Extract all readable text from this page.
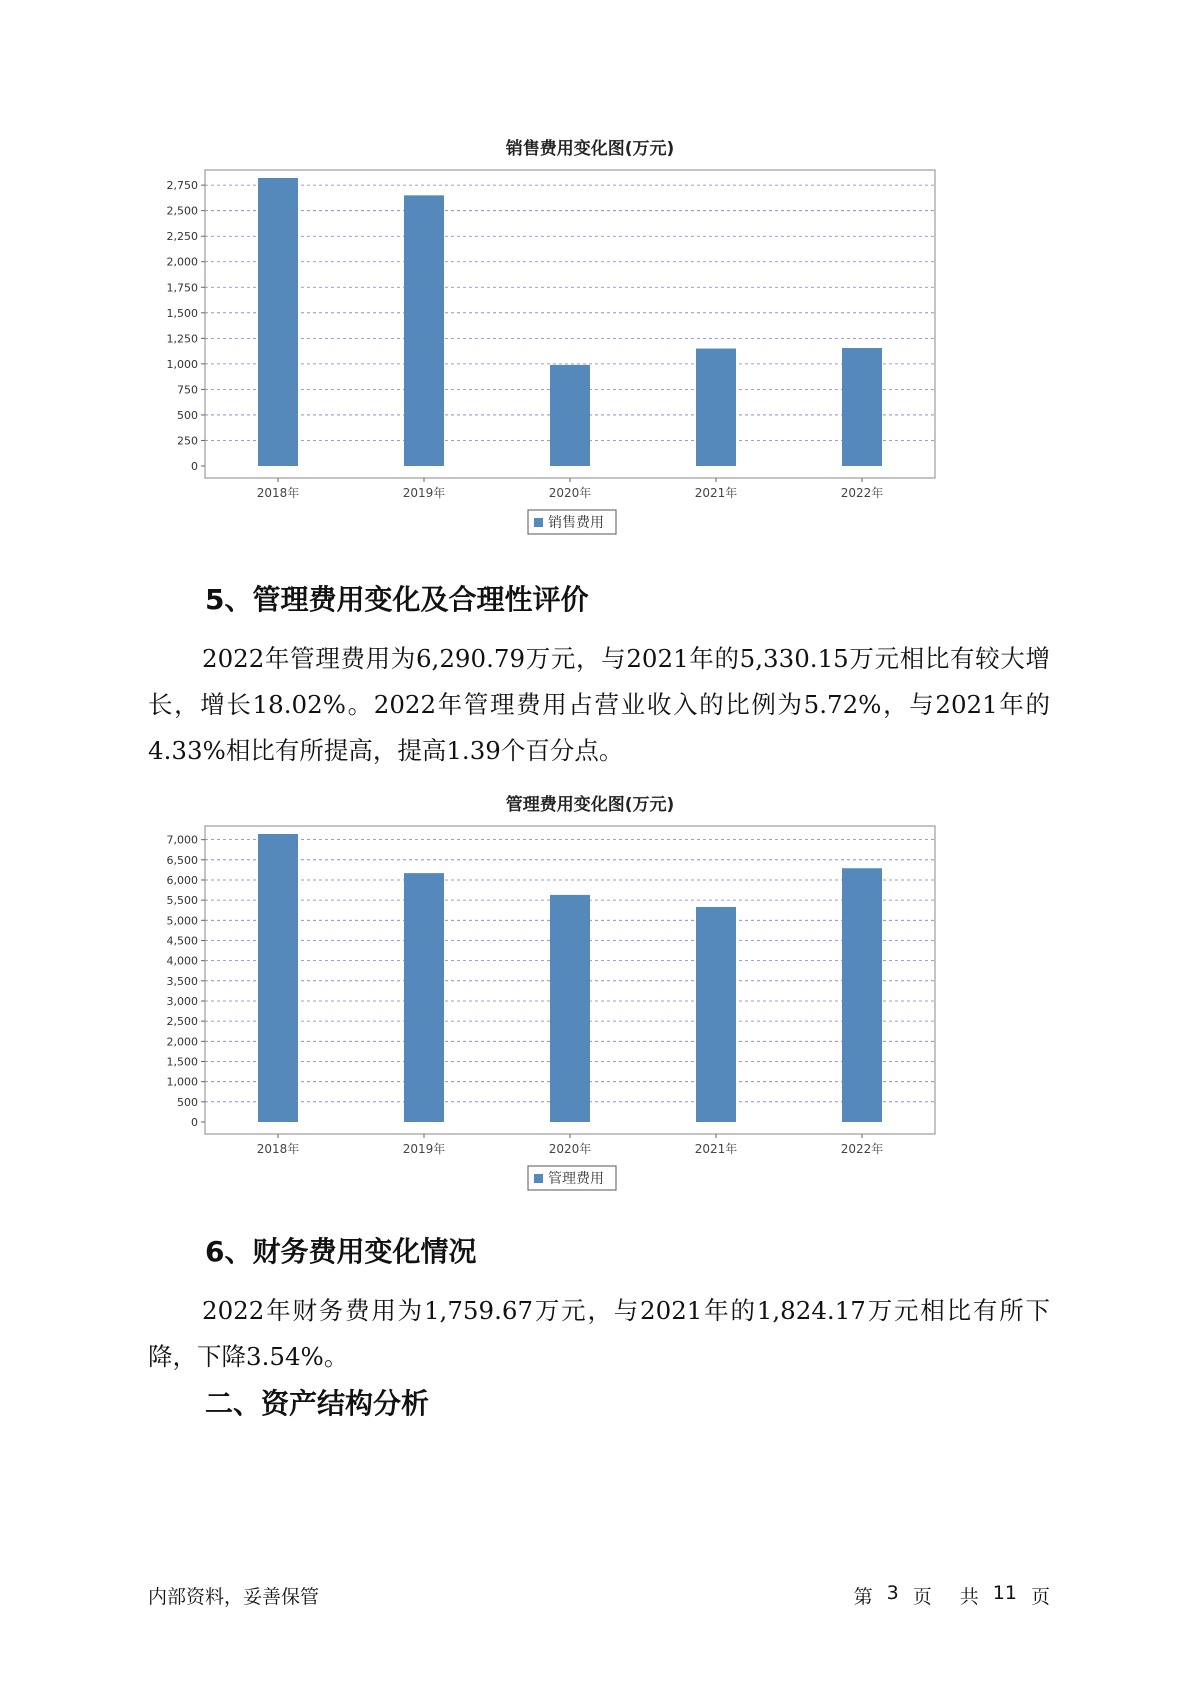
销售费用变化图(万元)
0
250
500
750
1,000
1,250
1,500
1,750
2,000
2,250
2,500
2,750
2018年	2019年	2020年	2021年	2022年
销售费用
5、管理费用变化及合理性评价
2022年管理费用为6,290.79万元，与2021年的5,330.15万元相比有较大增长，增长18.02%。2022年管理费用占营业收入的比例为5.72%，与2021年的4.33%相比有所提高，提高1.39个百分点。
管理费用变化图(万元)
0
500
1,000
1,500
2,000
2,500
3,000
3,500
4,000
4,500
5,000
5,500
6,000
6,500
7,000
2018年	2019年	2020年	2021年	2022年
管理费用
6、财务费用变化情况
2022年财务费用为1,759.67万元，与2021年的1,824.17万元相比有所下降，下降3.54%。
二、资产结构分析
内部资料，妥善保管	第 3 页 共 11 页
